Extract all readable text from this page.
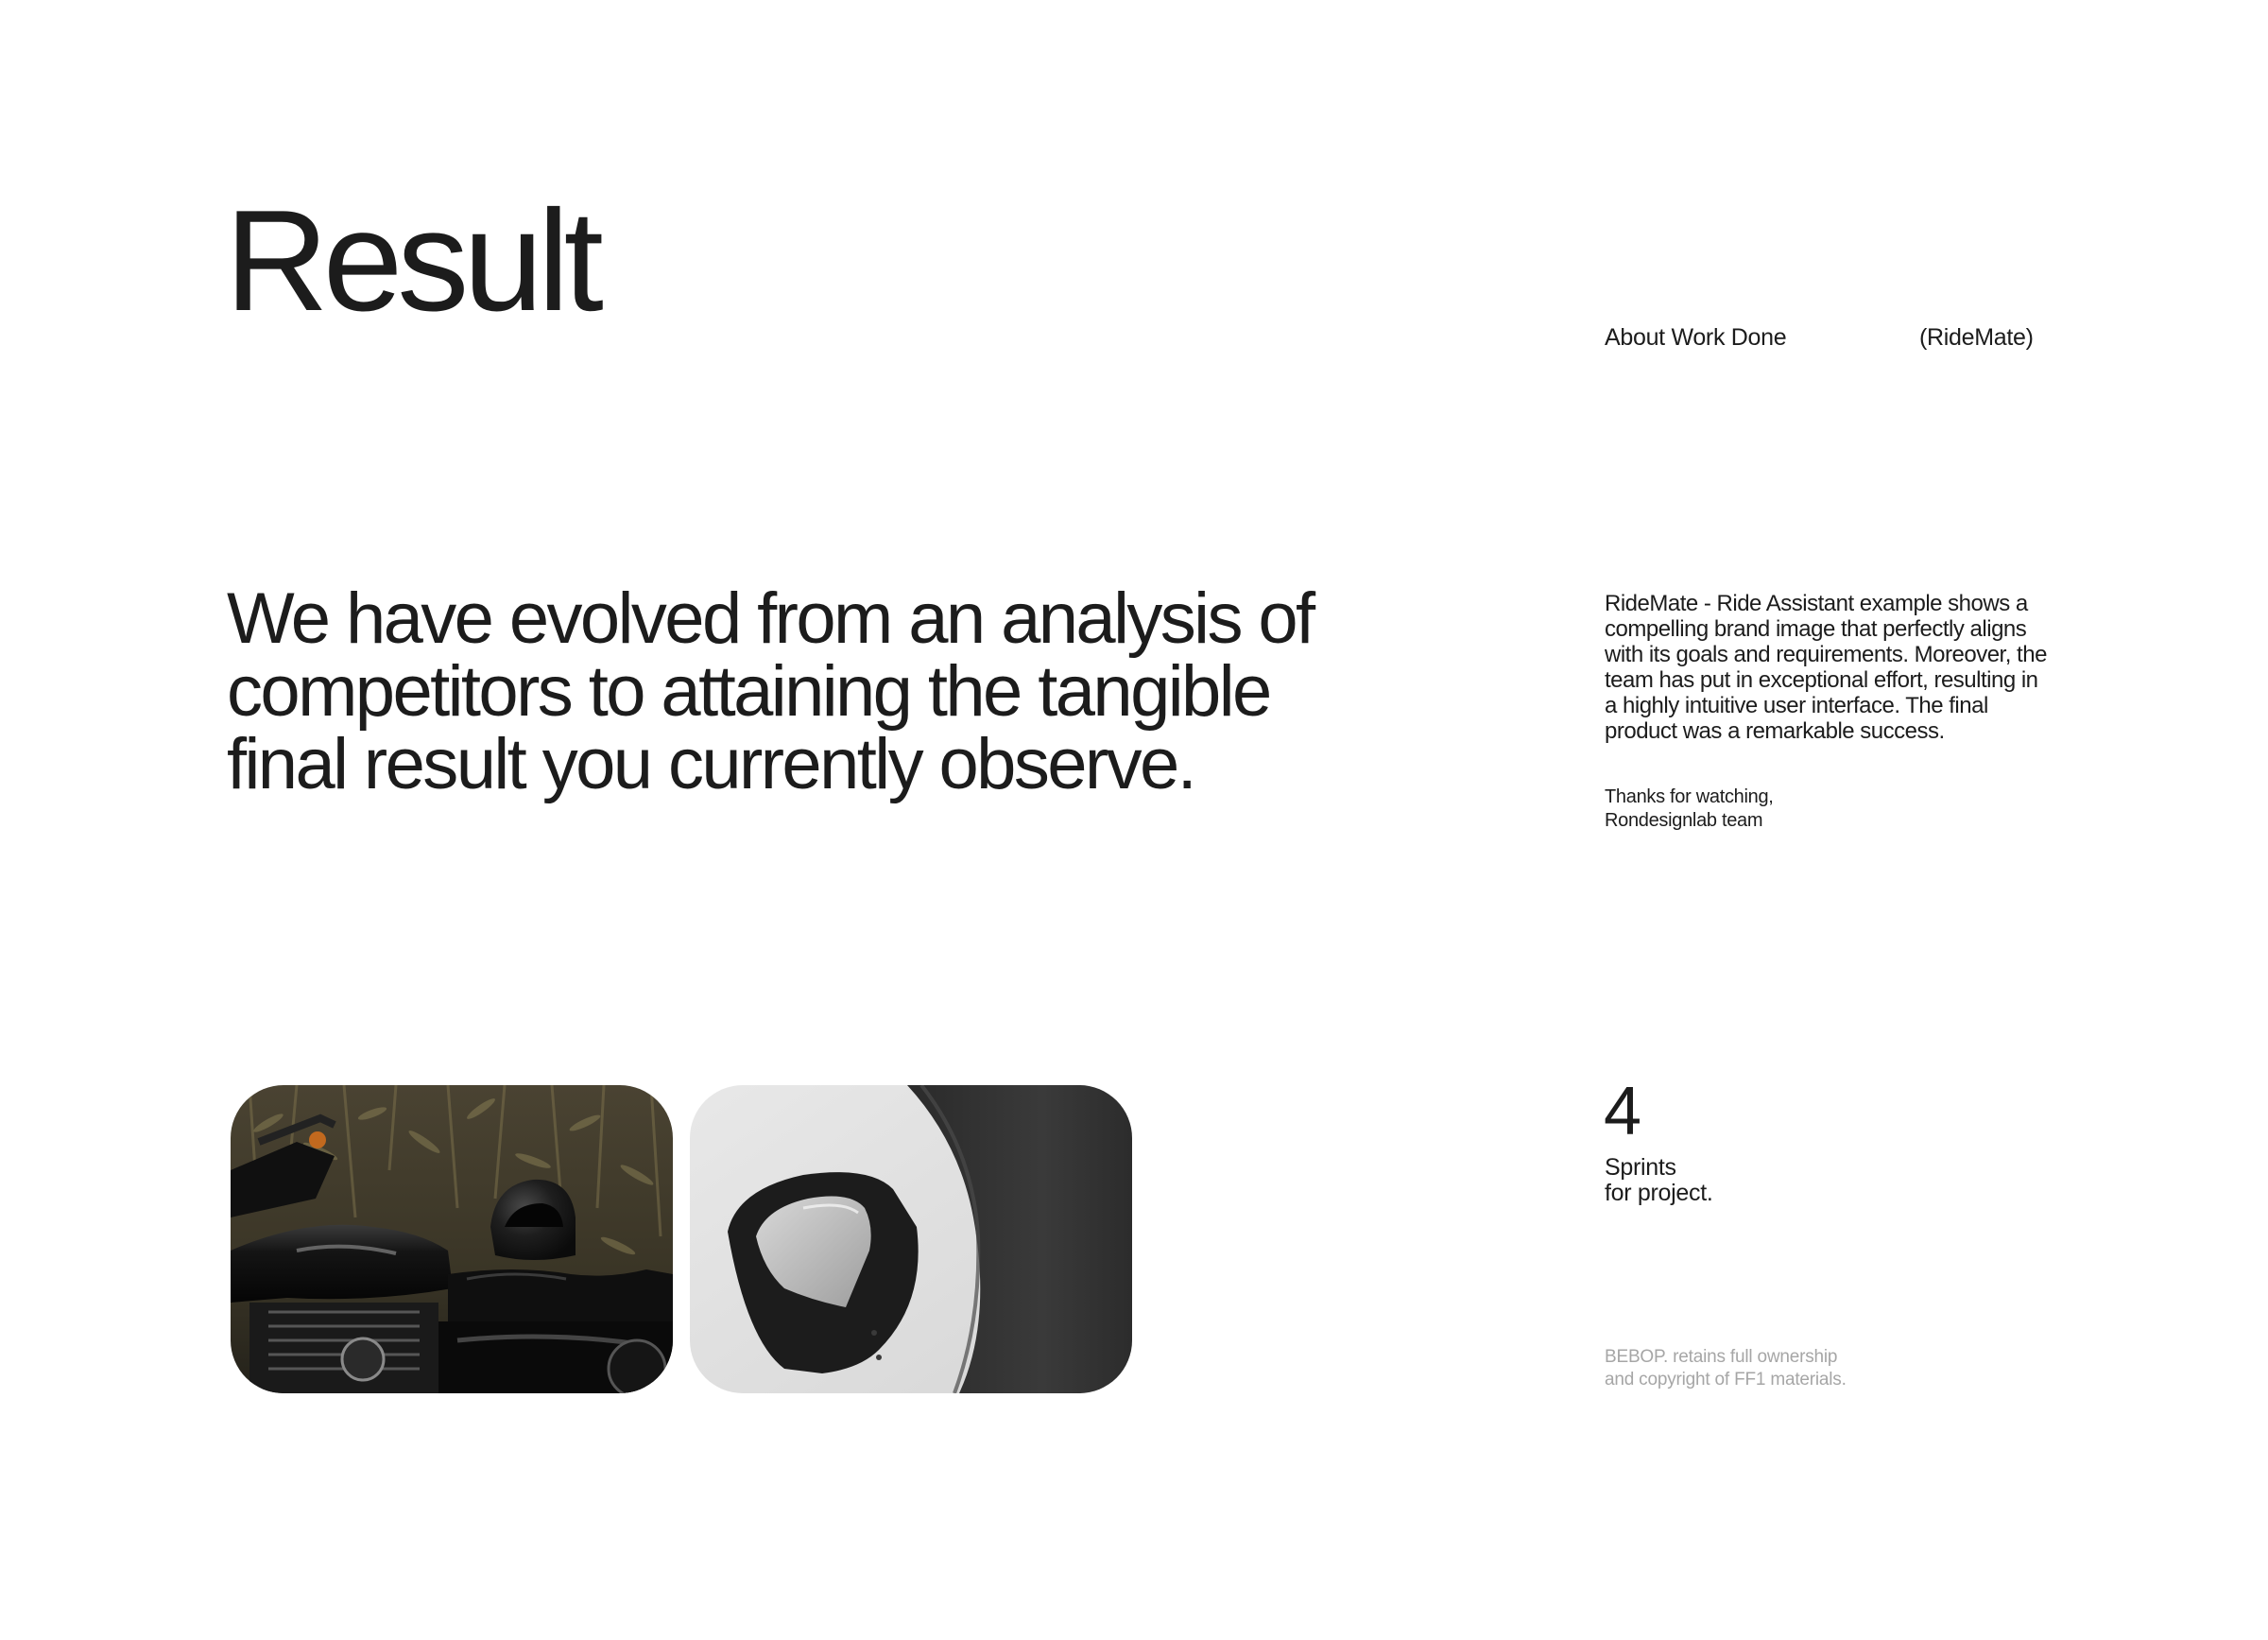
Result	About Work Done	(RideMate)

We have evolved from an analysis of competitors to attaining the tangible final result you currently observe.

RideMate - Ride Assistant example shows a compelling brand image that perfectly aligns with its goals and requirements. Moreover, the team has put in exceptional effort, resulting in a highly intuitive user interface. The final product was a remarkable success.

Thanks for watching,
Rondesignlab team
4
Sprints
for project.
BEBOP. retains full ownership
and copyright of FF1 materials.
